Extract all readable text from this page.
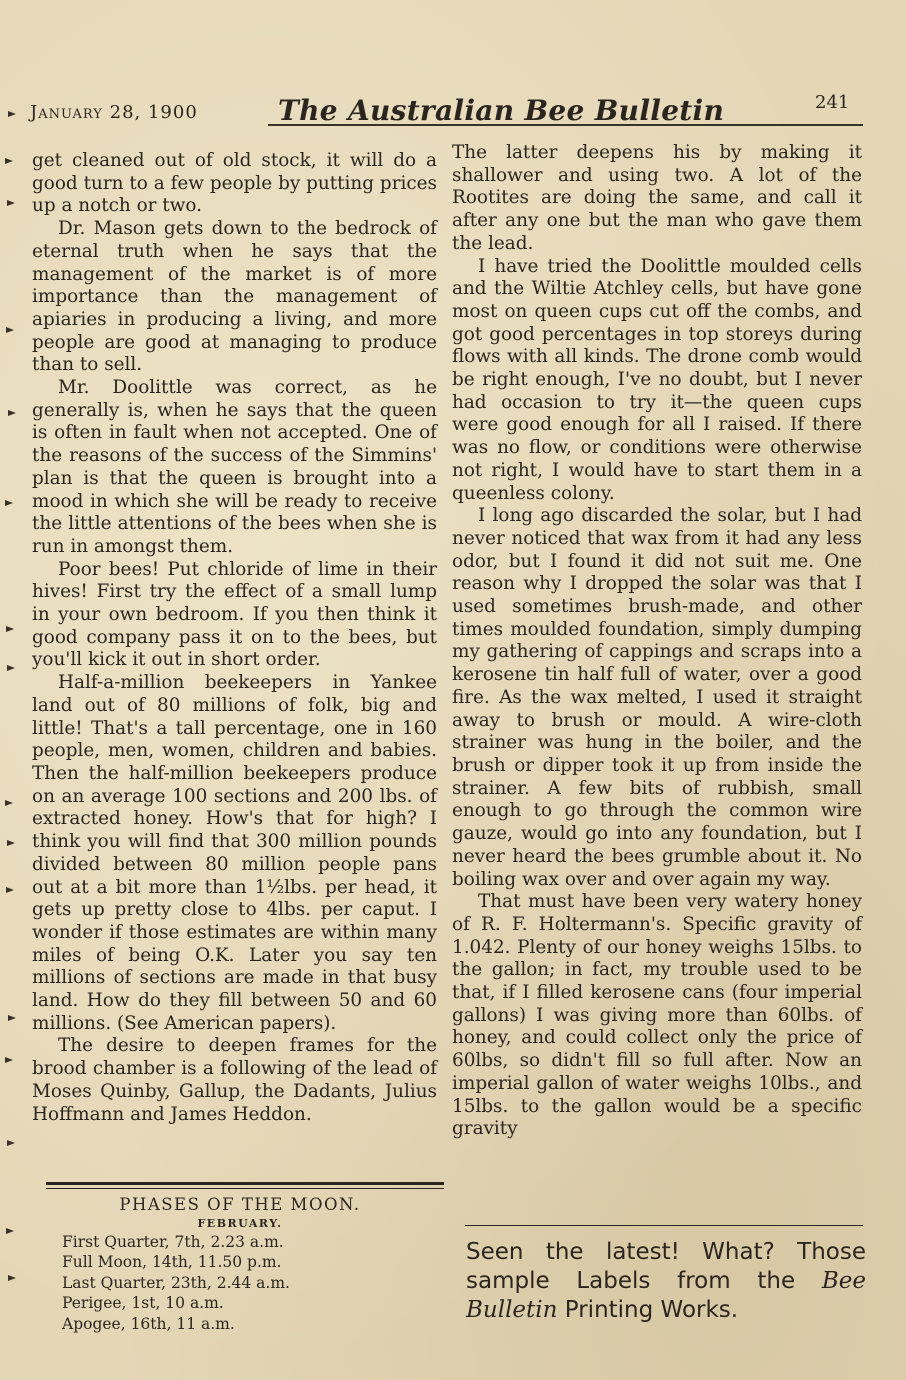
January 28, 1900	The Australian Bee Bulletin	241

get cleaned out of old stock, it will do a good turn to a few people by putting prices up a notch or two.

Dr. Mason gets down to the bedrock of eternal truth when he says that the management of the market is of more importance than the management of apiaries in producing a living, and more people are good at managing to produce than to sell.

Mr. Doolittle was correct, as he generally is, when he says that the queen is often in fault when not accepted. One of the reasons of the success of the Simmins' plan is that the queen is brought into a mood in which she will be ready to receive the little attentions of the bees when she is run in amongst them.

Poor bees! Put chloride of lime in their hives! First try the effect of a small lump in your own bedroom. If you then think it good company pass it on to the bees, but you'll kick it out in short order.

Half-a-million beekeepers in Yankee land out of 80 millions of folk, big and little! That's a tall percentage, one in 160 people, men, women, children and babies. Then the half-million beekeepers produce on an average 100 sections and 200 lbs. of extracted honey. How's that for high? I think you will find that 300 million pounds divided between 80 million people pans out at a bit more than 1½lbs. per head, it gets up pretty close to 4lbs. per caput. I wonder if those estimates are within many miles of being O.K. Later you say ten millions of sections are made in that busy land. How do they fill between 50 and 60 millions. (See American papers).

The desire to deepen frames for the brood chamber is a following of the lead of Moses Quinby, Gallup, the Dadants, Julius Hoffmann and James Heddon.

PHASES OF THE MOON.
FEBRUARY.
First Quarter, 7th, 2.23 a.m.
Full Moon, 14th, 11.50 p.m.
Last Quarter, 23th, 2.44 a.m.
Perigee, 1st, 10 a.m.
Apogee, 16th, 11 a.m.

The latter deepens his by making it shallower and using two. A lot of the Rootites are doing the same, and call it after any one but the man who gave them the lead.

I have tried the Doolittle moulded cells and the Wiltie Atchley cells, but have gone most on queen cups cut off the combs, and got good percentages in top storeys during flows with all kinds. The drone comb would be right enough, I've no doubt, but I never had occasion to try it—the queen cups were good enough for all I raised. If there was no flow, or conditions were otherwise not right, I would have to start them in a queenless colony.

I long ago discarded the solar, but I had never noticed that wax from it had any less odor, but I found it did not suit me. One reason why I dropped the solar was that I used sometimes brush-made, and other times moulded foundation, simply dumping my gathering of cappings and scraps into a kerosene tin half full of water, over a good fire. As the wax melted, I used it straight away to brush or mould. A wire-cloth strainer was hung in the boiler, and the brush or dipper took it up from inside the strainer. A few bits of rubbish, small enough to go through the common wire gauze, would go into any foundation, but I never heard the bees grumble about it. No boiling wax over and over again my way.

That must have been very watery honey of R. F. Holtermann's. Specific gravity of 1.042. Plenty of our honey weighs 15lbs. to the gallon; in fact, my trouble used to be that, if I filled kerosene cans (four imperial gallons) I was giving more than 60lbs. of honey, and could collect only the price of 60lbs, so didn't fill so full after. Now an imperial gallon of water weighs 10lbs., and 15lbs. to the gallon would be a specific gravity

Seen the latest! What? Those sample Labels from the Bee Bulletin Printing Works.
